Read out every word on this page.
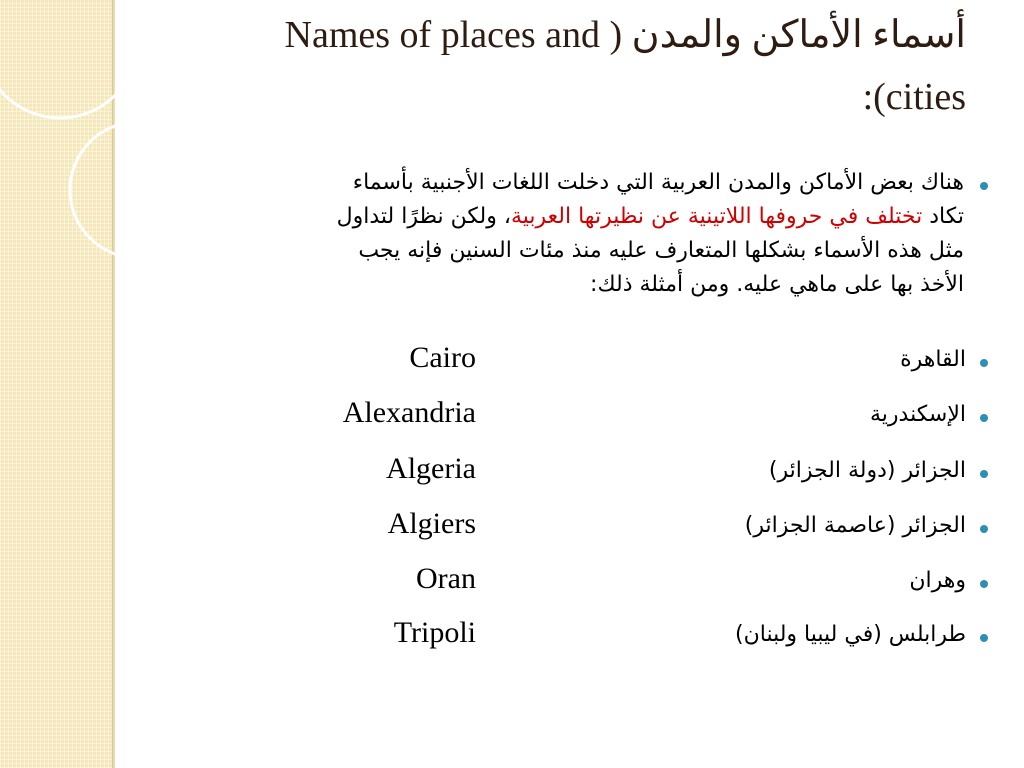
أسماء الأماكن والمدن ( Names of places and
cities):
هناك بعض الأماكن والمدن العربية التي دخلت اللغات الأجنبية بأسماء
تكاد تختلف في حروفها اللاتينية عن نظيرتها العربية، ولكن نظرًا لتداول
مثل هذه الأسماء بشكلها المتعارف عليه منذ مئات السنين فإنه يجب
الأخذ بها على ماهي عليه. ومن أمثلة ذلك:
القاهرة
Cairo
الإسكندرية
Alexandria
الجزائر (دولة الجزائر)
Algeria
الجزائر (عاصمة الجزائر)
Algiers
وهران
Oran
طرابلس (في ليبيا ولبنان)
Tripoli
